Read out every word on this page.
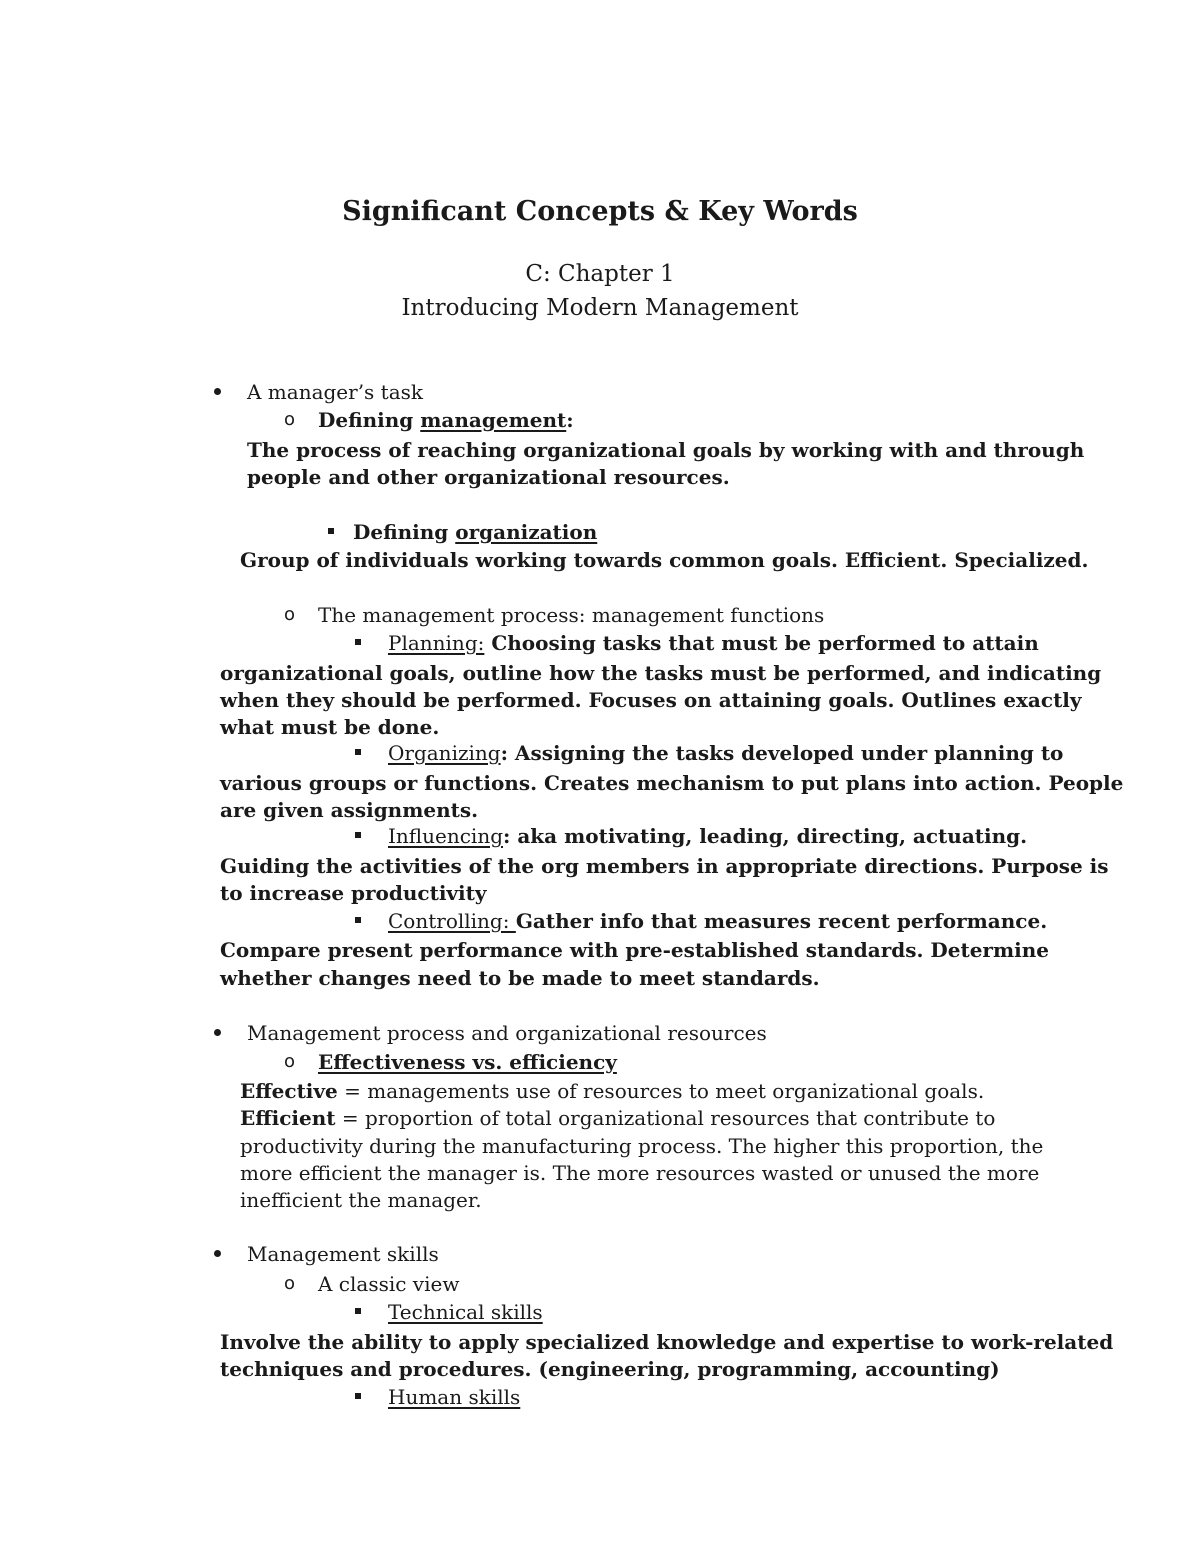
Significant Concepts & Key Words
C: Chapter 1
Introducing Modern Management
A manager’s task
o Defining management:
The process of reaching organizational goals by working with and through
people and other organizational resources.
Defining organization
Group of individuals working towards common goals. Efficient. Specialized.
o The management process: management functions
Planning: Choosing tasks that must be performed to attain
organizational goals, outline how the tasks must be performed, and indicating
when they should be performed. Focuses on attaining goals. Outlines exactly
what must be done.
Organizing: Assigning the tasks developed under planning to
various groups or functions. Creates mechanism to put plans into action. People
are given assignments.
Influencing: aka motivating, leading, directing, actuating.
Guiding the activities of the org members in appropriate directions. Purpose is
to increase productivity
Controlling: Gather info that measures recent performance.
Compare present performance with pre-established standards. Determine
whether changes need to be made to meet standards.
Management process and organizational resources
o Effectiveness vs. efficiency
Effective = managements use of resources to meet organizational goals.
Efficient = proportion of total organizational resources that contribute to
productivity during the manufacturing process. The higher this proportion, the
more efficient the manager is. The more resources wasted or unused the more
inefficient the manager.
Management skills
o A classic view
Technical skills
Involve the ability to apply specialized knowledge and expertise to work-related
techniques and procedures. (engineering, programming, accounting)
Human skills
